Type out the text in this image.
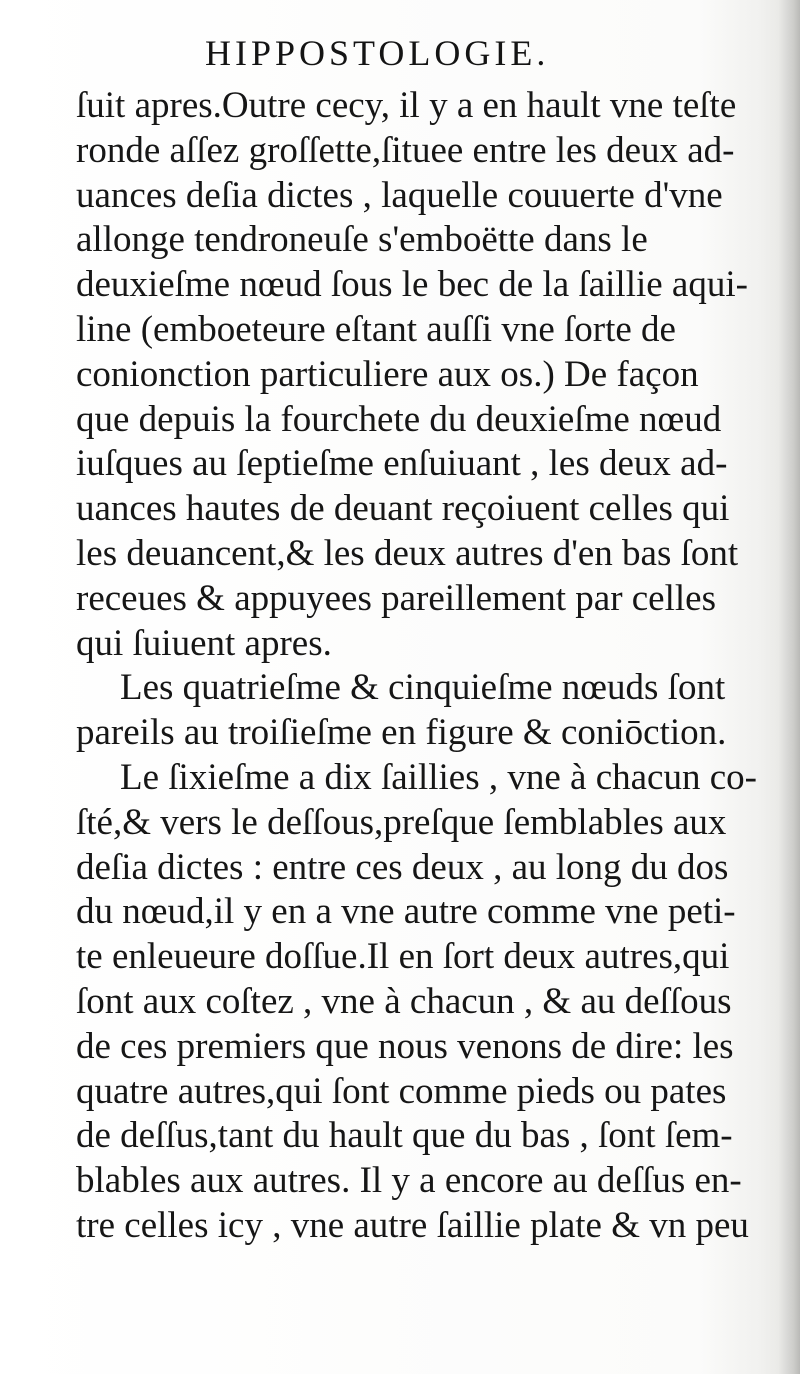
HIPPOSTOLOGIE.
ſuit apres.Outre cecy, il y a en hault vne teſte
ronde aſſez groſſette,ſituee entre les deux ad-
uances deſia dictes , laquelle couuerte d'vne
allonge tendroneuſe s'emboëtte dans le
deuxieſme nœud ſous le bec de la ſaillie aqui-
line (emboeteure eſtant auſſi vne ſorte de
conionction particuliere aux os.) De façon
que depuis la fourchete du deuxieſme nœud
iuſques au ſeptieſme enſuiuant , les deux ad-
uances hautes de deuant reçoiuent celles qui
les deuancent,& les deux autres d'en bas ſont
receues & appuyees pareillement par celles
qui ſuiuent apres.
Les quatrieſme & cinquieſme nœuds ſont
pareils au troiſieſme en figure & coniōction.
Le ſixieſme a dix ſaillies , vne à chacun co-
ſté,& vers le deſſous,preſque ſemblables aux
deſia dictes : entre ces deux , au long du dos
du nœud,il y en a vne autre comme vne peti-
te enleueure doſſue.Il en ſort deux autres,qui
ſont aux coſtez , vne à chacun , & au deſſous
de ces premiers que nous venons de dire: les
quatre autres,qui ſont comme pieds ou pates
de deſſus,tant du hault que du bas , ſont ſem-
blables aux autres. Il y a encore au deſſus en-
tre celles icy , vne autre ſaillie plate & vn peu
